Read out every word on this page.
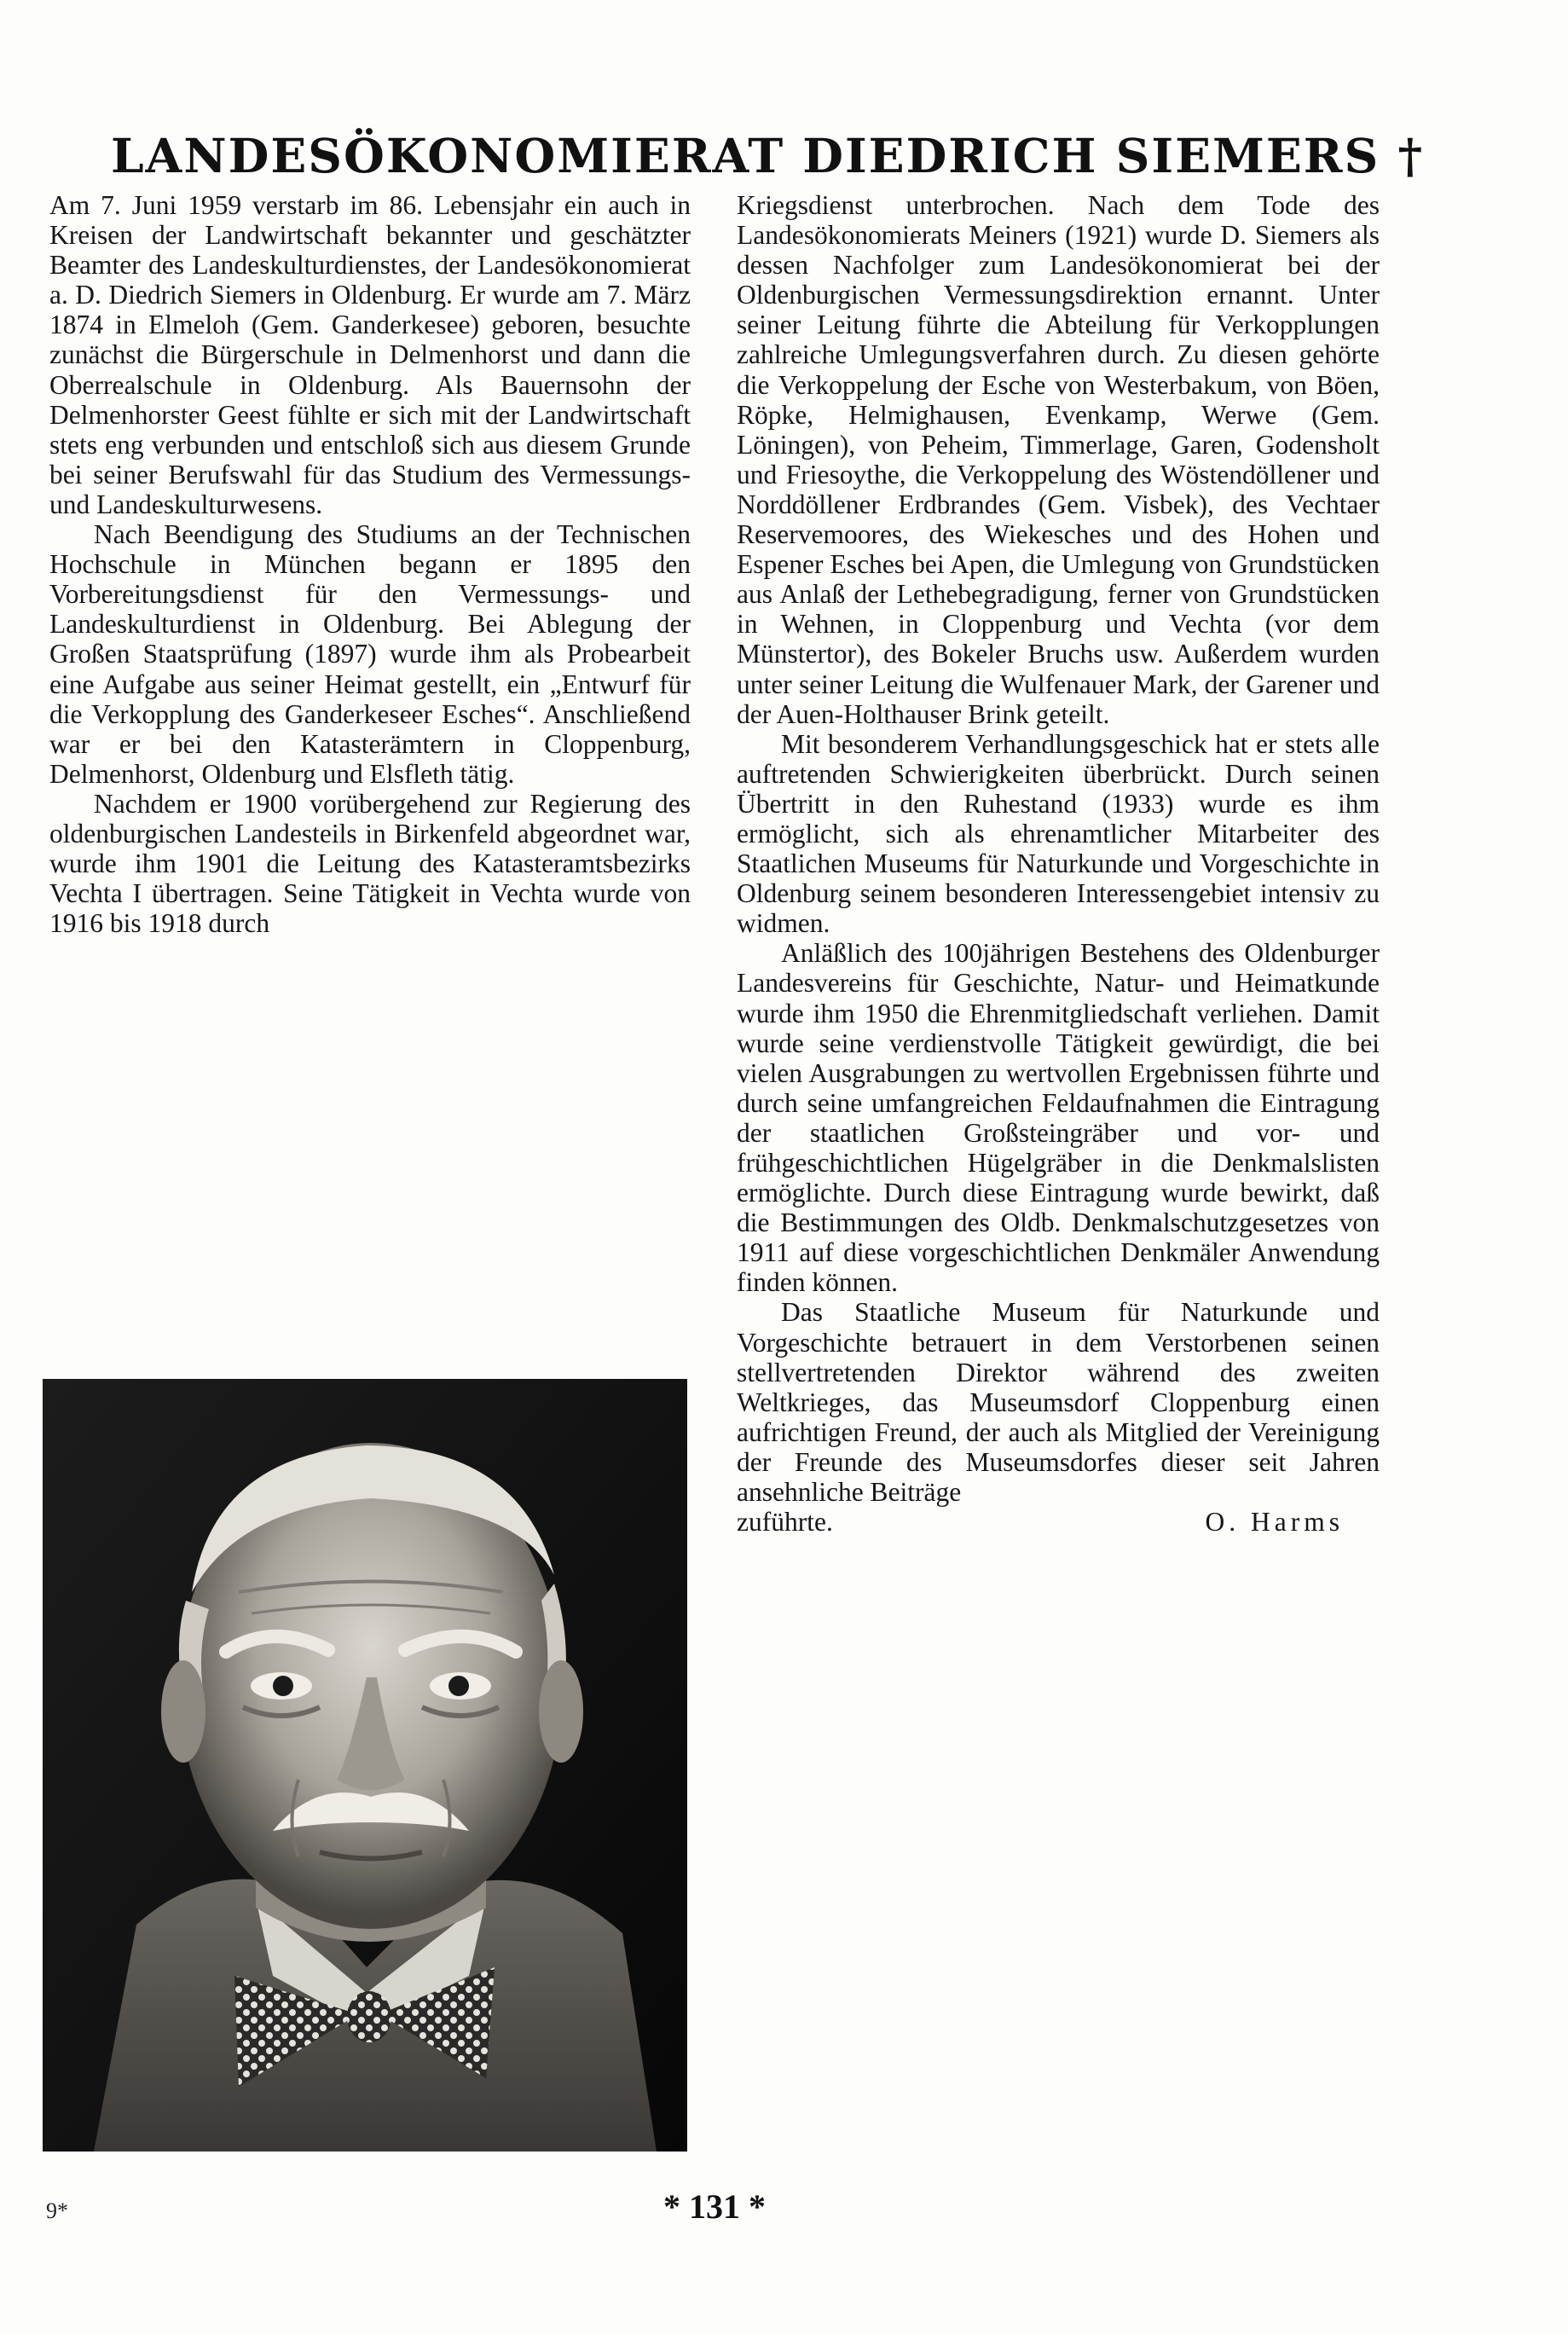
LANDESÖKONOMIERAT DIEDRICH SIEMERS †

Am 7. Juni 1959 verstarb im 86. Lebensjahr ein auch in Kreisen der Landwirtschaft bekannter und geschätzter Beamter des Landeskulturdienstes, der Landesökonomierat a. D. Diedrich Siemers in Oldenburg. Er wurde am 7. März 1874 in Elmeloh (Gem. Ganderkesee) geboren, besuchte zunächst die Bürgerschule in Delmenhorst und dann die Oberrealschule in Oldenburg. Als Bauernsohn der Delmenhorster Geest fühlte er sich mit der Landwirtschaft stets eng verbunden und entschloß sich aus diesem Grunde bei seiner Berufswahl für das Studium des Vermessungs- und Landeskulturwesens.

Nach Beendigung des Studiums an der Technischen Hochschule in München begann er 1895 den Vorbereitungsdienst für den Vermessungs- und Landeskulturdienst in Oldenburg. Bei Ablegung der Großen Staatsprüfung (1897) wurde ihm als Probearbeit eine Aufgabe aus seiner Heimat gestellt, ein „Entwurf für die Verkopplung des Ganderkeseer Esches“. Anschließend war er bei den Katasterämtern in Cloppenburg, Delmenhorst, Oldenburg und Elsfleth tätig.

Nachdem er 1900 vorübergehend zur Regierung des oldenburgischen Landesteils in Birkenfeld abgeordnet war, wurde ihm 1901 die Leitung des Katasteramtsbezirks Vechta I übertragen. Seine Tätigkeit in Vechta wurde von 1916 bis 1918 durch

Kriegsdienst unterbrochen. Nach dem Tode des Landesökonomierats Meiners (1921) wurde D. Siemers als dessen Nachfolger zum Landesökonomierat bei der Oldenburgischen Vermessungsdirektion ernannt. Unter seiner Leitung führte die Abteilung für Verkopplungen zahlreiche Umlegungsverfahren durch. Zu diesen gehörte die Verkoppelung der Esche von Westerbakum, von Böen, Röpke, Helmighausen, Evenkamp, Werwe (Gem. Löningen), von Peheim, Timmerlage, Garen, Godensholt und Friesoythe, die Verkoppelung des Wöstendöllener und Norddöllener Erdbrandes (Gem. Visbek), des Vechtaer Reservemoores, des Wiekesches und des Hohen und Espener Esches bei Apen, die Umlegung von Grundstücken aus Anlaß der Lethebegradigung, ferner von Grundstücken in Wehnen, in Cloppenburg und Vechta (vor dem Münstertor), des Bokeler Bruchs usw. Außerdem wurden unter seiner Leitung die Wulfenauer Mark, der Garener und der Auen-Holthauser Brink geteilt.

Mit besonderem Verhandlungsgeschick hat er stets alle auftretenden Schwierigkeiten überbrückt. Durch seinen Übertritt in den Ruhestand (1933) wurde es ihm ermöglicht, sich als ehrenamtlicher Mitarbeiter des Staatlichen Museums für Naturkunde und Vorgeschichte in Oldenburg seinem besonderen Interessengebiet intensiv zu widmen.

Anläßlich des 100jährigen Bestehens des Oldenburger Landesvereins für Geschichte, Natur- und Heimatkunde wurde ihm 1950 die Ehrenmitgliedschaft verliehen. Damit wurde seine verdienstvolle Tätigkeit gewürdigt, die bei vielen Ausgrabungen zu wertvollen Ergebnissen führte und durch seine umfangreichen Feldaufnahmen die Eintragung der staatlichen Großsteingräber und vor- und frühgeschichtlichen Hügelgräber in die Denkmalslisten ermöglichte. Durch diese Eintragung wurde bewirkt, daß die Bestimmungen des Oldb. Denkmalschutzgesetzes von 1911 auf diese vorgeschichtlichen Denkmäler Anwendung finden können.

Das Staatliche Museum für Naturkunde und Vorgeschichte betrauert in dem Verstorbenen seinen stellvertretenden Direktor während des zweiten Weltkrieges, das Museumsdorf Cloppenburg einen aufrichtigen Freund, der auch als Mitglied der Vereinigung der Freunde des Museumsdorfes dieser seit Jahren ansehnliche Beiträge

zuführte.	O. Harms
9*	* 131 *
